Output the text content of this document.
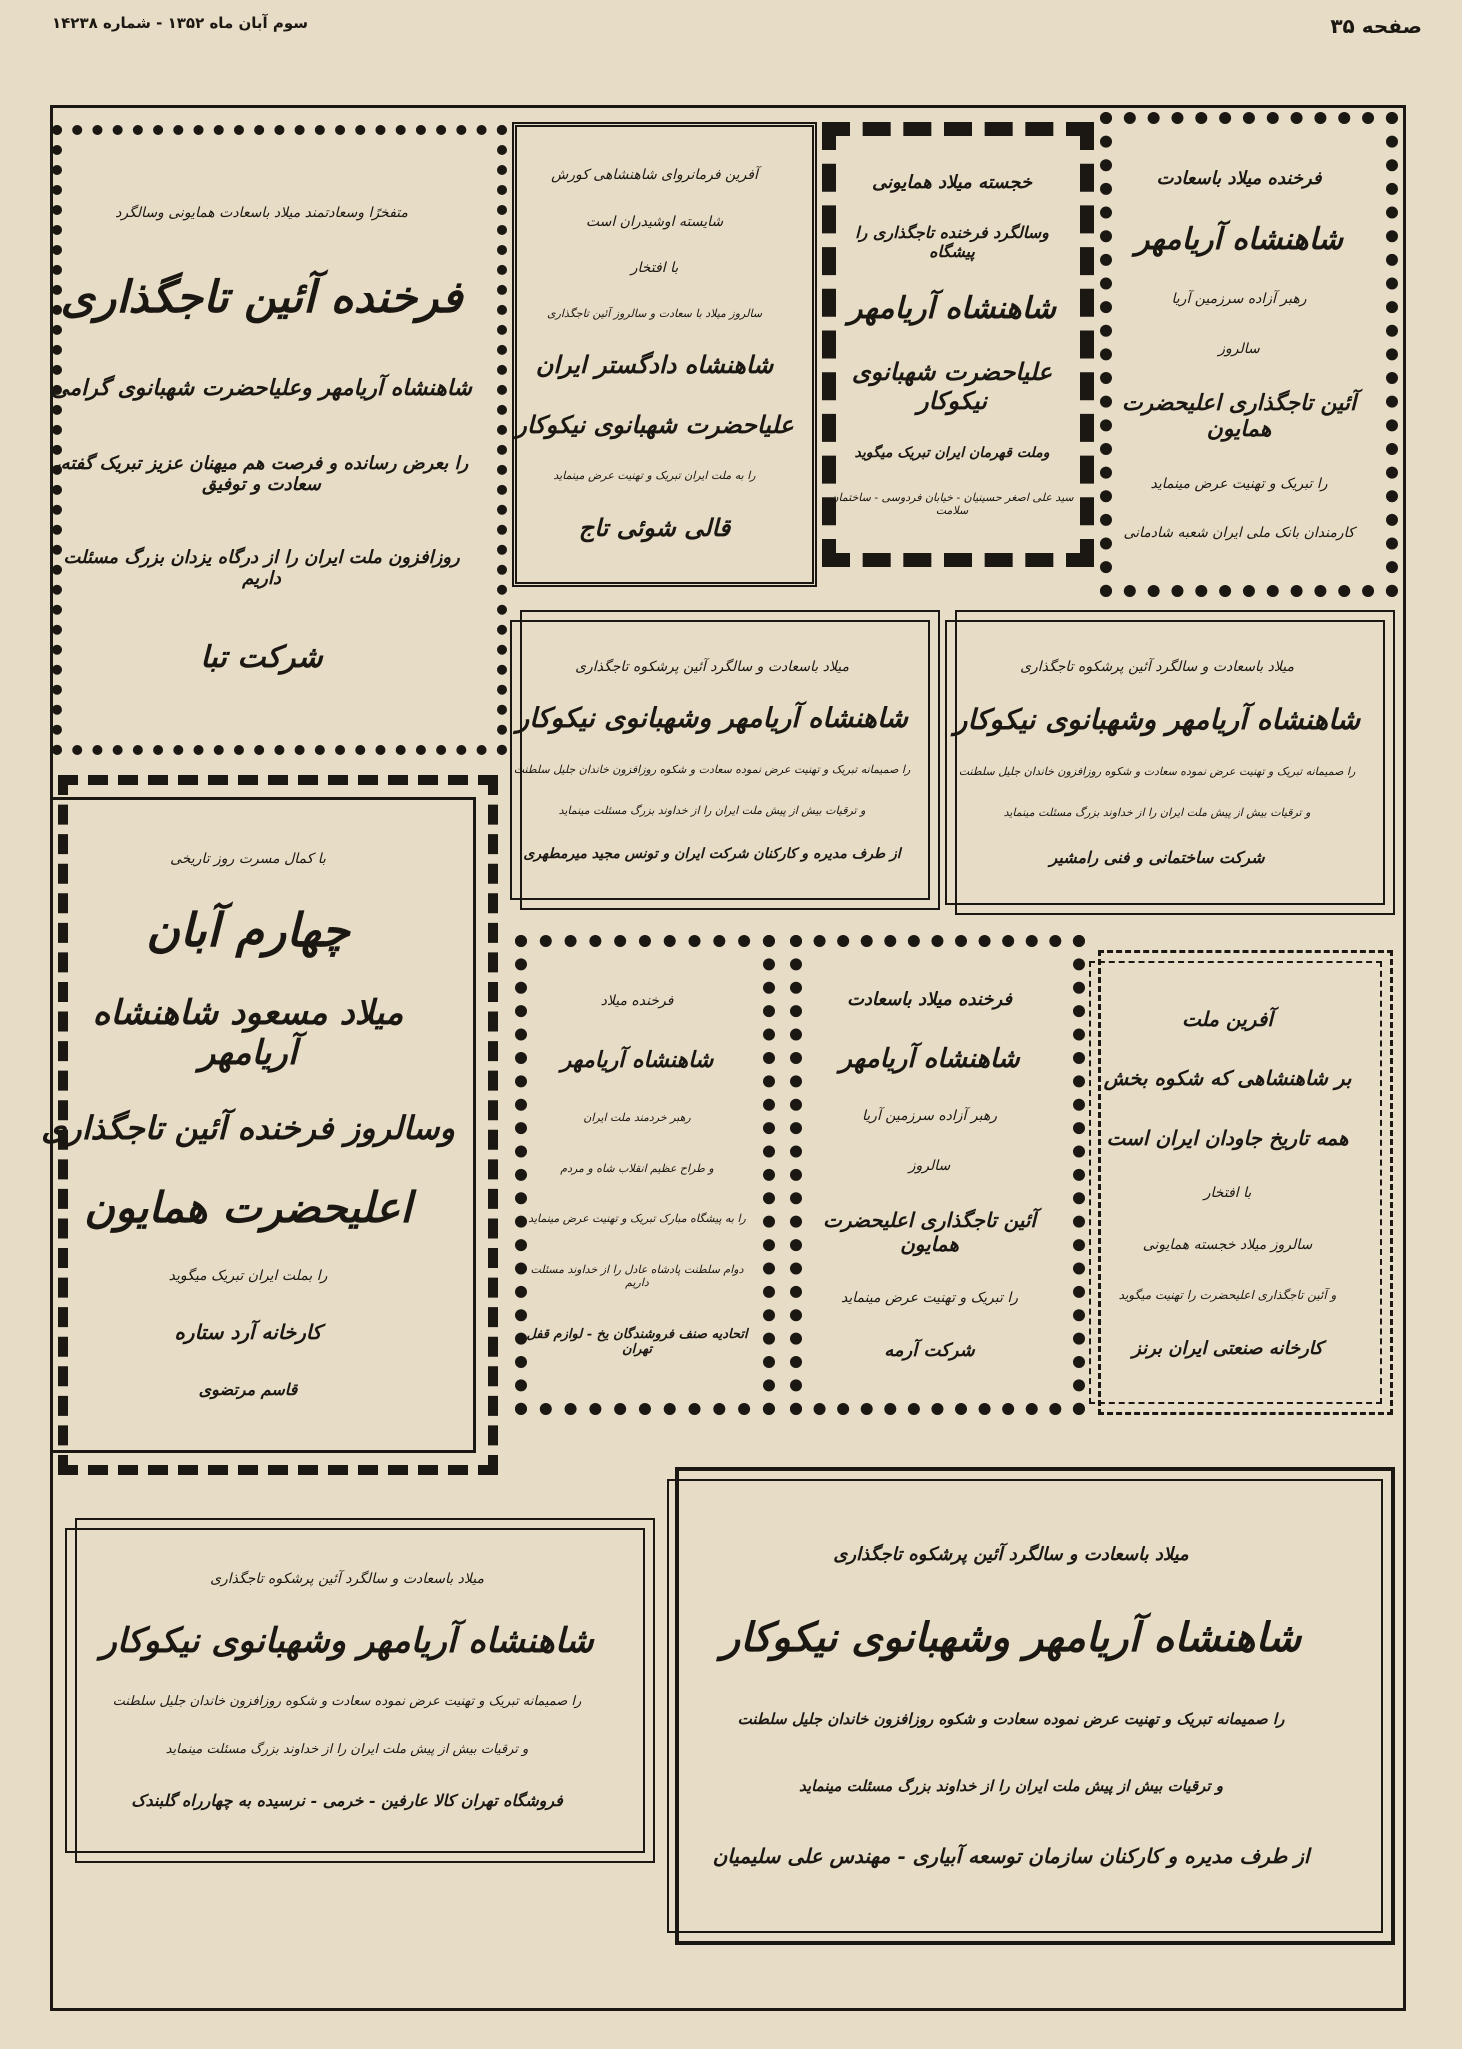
صفحه ۳۵
سوم آبان ماه ۱۳۵۲ - شماره ۱۴۲۳۸
متفخرًا وسعادتمند میلاد باسعادت همایونی وسالگرد
فرخنده آئین تاجگذاری
شاهنشاه آریامهر وعلیاحضرت شهبانوی گرامی
را بعرض رسانده و فرصت هم میهنان عزیز تبریک گفته، سعادت و توفیق
روزافزون ملت ایران را از درگاه یزدان بزرگ مسئلت داریم
شرکت تبا
آفرین فرمانروای شاهنشاهی کورش
شایسته اوشیدران است
با افتخار
سالروز میلاد با سعادت و سالروز آئین تاجگذاری
شاهنشاه دادگستر ایران
علیاحضرت شهبانوی نیکوکار
را به ملت ایران تبریک و تهنیت عرض مینماید
قالی شوئی تاج
خجسته میلاد همایونی
وسالگرد فرخنده تاجگذاری را پیشگاه
شاهنشاه آریامهر
علیاحضرت شهبانوی نیکوکار
وملت قهرمان ایران تبریک میگوید
سید علی اصغر حسینیان - خیابان فردوسی - ساختمان سلامت
فرخنده میلاد باسعادت
شاهنشاه آریامهر
رهبر آزاده سرزمین آریا
سالروز
آئین تاجگذاری اعلیحضرت همایون
را تبریک و تهنیت عرض مینماید
کارمندان بانک ملی ایران شعبه شادمانی
میلاد باسعادت و سالگرد آئین پرشکوه تاجگذاری
شاهنشاه آریامهر وشهبانوی نیکوکار
را صمیمانه تبریک و تهنیت عرض نموده سعادت و شکوه روزافزون خاندان جلیل سلطنت
و ترقیات بیش از پیش ملت ایران را از خداوند بزرگ مسئلت مینماید
از طرف مدیره و کارکنان شرکت ایران و تونس مجید میرمطهری
میلاد باسعادت و سالگرد آئین پرشکوه تاجگذاری
شاهنشاه آریامهر وشهبانوی نیکوکار
را صمیمانه تبریک و تهنیت عرض نموده سعادت و شکوه روزافزون خاندان جلیل سلطنت
و ترقیات بیش از پیش ملت ایران را از خداوند بزرگ مسئلت مینماید
شرکت ساختمانی و فنی رامشیر
با کمال مسرت روز تاریخی
چهارم آبان
میلاد مسعود شاهنشاه آریامهر
وسالروز فرخنده آئین تاجگذاری
اعلیحضرت همایون
را بملت ایران تبریک میگوید
کارخانه آرد ستاره
قاسم مرتضوی
فرخنده میلاد
شاهنشاه آریامهر
رهبر خردمند ملت ایران
و طراح عظیم انقلاب شاه و مردم
را به پیشگاه مبارک تبریک و تهنیت عرض مینماید
دوام سلطنت پادشاه عادل را از خداوند مسئلت داریم
اتحادیه صنف فروشندگان یخ - لوازم قفل تهران
فرخنده میلاد باسعادت
شاهنشاه آریامهر
رهبر آزاده سرزمین آریا
سالروز
آئین تاجگذاری اعلیحضرت همایون
را تبریک و تهنیت عرض مینماید
شرکت آرمه
آفرین ملت
بر شاهنشاهی که شکوه بخش
همه تاریخ جاودان ایران است
با افتخار
سالروز میلاد خجسته همایونی
و آئین تاجگذاری اعلیحضرت را تهنیت میگوید
کارخانه صنعتی ایران برنز
میلاد باسعادت و سالگرد آئین پرشکوه تاجگذاری
شاهنشاه آریامهر وشهبانوی نیکوکار
را صمیمانه تبریک و تهنیت عرض نموده سعادت و شکوه روزافزون خاندان جلیل سلطنت
و ترقیات بیش از پیش ملت ایران را از خداوند بزرگ مسئلت مینماید
فروشگاه تهران کالا عارفین - خرمی - نرسیده به چهارراه گلبندک
میلاد باسعادت و سالگرد آئین پرشکوه تاجگذاری
شاهنشاه آریامهر وشهبانوی نیکوکار
را صمیمانه تبریک و تهنیت عرض نموده سعادت و شکوه روزافزون خاندان جلیل سلطنت
و ترقیات بیش از پیش ملت ایران را از خداوند بزرگ مسئلت مینماید
از طرف مدیره و کارکنان سازمان توسعه آبیاری - مهندس علی سلیمیان
